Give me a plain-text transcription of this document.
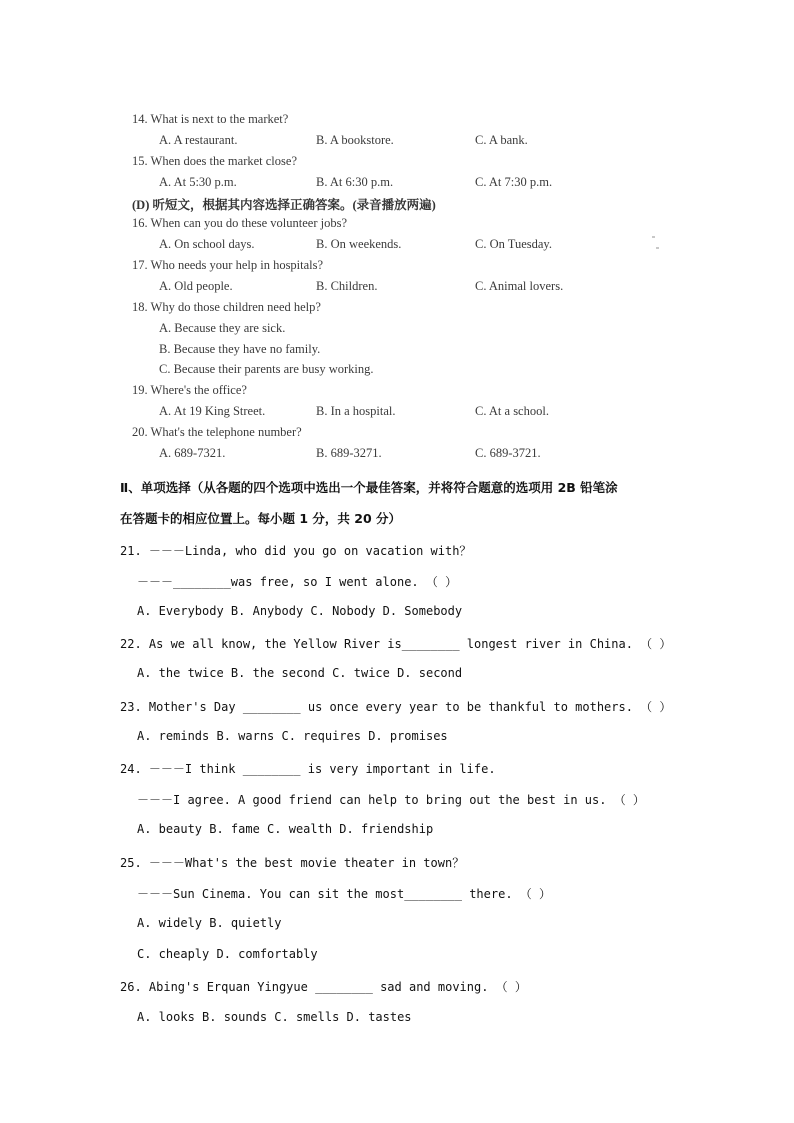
14. What is next to the market?
A. A restaurant.	B. A bookstore.	C. A bank.
15. When does the market close?
A. At 5:30 p.m.	B. At 6:30 p.m.	C. At 7:30 p.m.
(D) 听短文，根据其内容选择正确答案。(录音播放两遍)
16. When can you do these volunteer jobs?
A. On school days.	B. On weekends.	C. On Tuesday.
17. Who needs your help in hospitals?
A. Old people.	B. Children.	C. Animal lovers.
18. Why do those children need help?
A. Because they are sick.
B. Because they have no family.
C. Because their parents are busy working.
19. Where's the office?
A. At 19 King Street.	B. In a hospital.	C. At a school.
20. What's the telephone number?
A. 689-7321.	B. 689-3271.	C. 689-3721.
Ⅱ、单项选择（从各题的四个选项中选出一个最佳答案，并将符合题意的选项用 2B 铅笔涂
在答题卡的相应位置上。每小题 1 分，共 20 分）
21. －－－Linda, who did you go on vacation with？
－－－________was free, so I went alone. （ ）
A. Everybody B. Anybody C. Nobody D. Somebody
22. As we all know, the Yellow River is________ longest river in China. （ ）
A. the twice B. the second C. twice D. second
23. Mother's Day ________ us once every year to be thankful to mothers. （ ）
A. reminds B. warns C. requires D. promises
24. －－－I think ________ is very important in life.
－－－I agree. A good friend can help to bring out the best in us. （ ）
A. beauty B. fame C. wealth D. friendship
25. －－－What's the best movie theater in town？
－－－Sun Cinema. You can sit the most________ there. （ ）
A. widely B. quietly
C. cheaply D. comfortably
26. Abing's Erquan Yingyue ________ sad and moving. （ ）
A. looks B. sounds C. smells D. tastes
